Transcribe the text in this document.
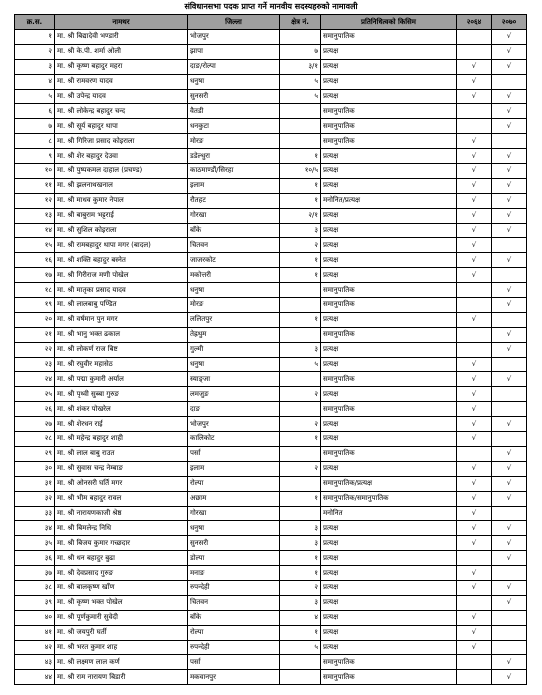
संविधानसभा पदक प्राप्त गर्ने मानवीय सदस्यहरुको नामावली
क्र.स.	नामथर	जिल्ला	क्षेत्र नं.	प्रतिनिधित्वको किसिम	२०६४	२०७०
१	मा. श्री बिद्यादेवी भण्डारी	भोजपुर		समानुपातिक		√
२	मा. श्री के.पी. शर्मा ओली	झापा	७	प्रत्यक्ष		√
३	मा. श्री कृष्ण बहादुर महरा	दाङ/रोल्पा	३/१	प्रत्यक्ष	√	√
४	मा. श्री रामवरण यादव	धनुषा	५	प्रत्यक्ष	√	
५	मा. श्री उपेन्द्र यादव	सुनसरी	५	प्रत्यक्ष	√	√
६	मा. श्री लोकेन्द्र बहादुर चन्द	वैतडी		समानुपातिक		√
७	मा. श्री सूर्य बहादुर थापा	धनकुटा		समानुपातिक		√
८	मा. श्री गिरिजा प्रसाद कोइराला	मोरङ		समानुपातिक	√	
९	मा. श्री शेर बहादुर देउवा	डडेल्धुरा	१	प्रत्यक्ष	√	√
१०	मा. श्री पुष्पकमल दाहाल (प्रचण्ड)	काठमाण्डौं/सिरहा	१०/५	प्रत्यक्ष	√	√
११	मा. श्री झलनाथखनाल	इलाम	१	प्रत्यक्ष	√	√
१२	मा. श्री माधव कुमार नेपाल	रौतहट	१	मनोनित/प्रत्यक्ष	√	√
१३	मा. श्री बाबुराम भट्टराई	गोरखा	२/१	प्रत्यक्ष	√	√
१४	मा. श्री सुशिल कोइराला	बाँके	३	प्रत्यक्ष	√	√
१५	मा. श्री रामबहादुर थापा मगर (बादल)	चितवन	२	प्रत्यक्ष	√	
१६	मा. श्री शक्ति बहादुर बस्नेत	जाजरकोट	१	प्रत्यक्ष	√	√
१७	मा. श्री गिरीराज मणी पोखेल	मकोत्तरी	१	प्रत्यक्ष	√	
१८	मा. श्री मातृका प्रसाद यादव	धनुषा		समानुपातिक		√
१९	मा. श्री लालबाबु पण्डित	मोरङ		समानुपातिक		√
२०	मा. श्री वर्षमान पुन मगर	ललितपुर	१	प्रत्यक्ष	√	
२१	मा. श्री भानु भक्त ढकाल	तेह्रथुम		समानुपातिक		√
२२	मा. श्री लोकर्ण राज बिष्ट	गुल्मी	३	प्रत्यक्ष		√
२३	मा. श्री रघुवीर महासेठ	धनुषा	५	प्रत्यक्ष	√	
२४	मा. श्री पद्मा कुमारी अर्याल	स्याङ्जा		समानुपातिक	√	√
२५	मा. श्री पृथ्वी सुब्बा गुरुङ	लमजुङ	२	प्रत्यक्ष	√	
२६	मा. श्री शंकर पोखरेल	दाङ		समानुपातिक	√	
२७	मा. श्री शेरधन राई	भोजपुर	२	प्रत्यक्ष	√	√
२८	मा. श्री महेन्द्र बहादुर शाही	कालिकोट	१	प्रत्यक्ष	√	
२९	मा. श्री लाल बाबु राउत	पर्सा		समानुपातिक		√
३०	मा. श्री सुवास चन्द्र नेम्बाङ	इलाम	२	प्रत्यक्ष	√	√
३१	मा. श्री ओनसरी घर्ति मगर	रोल्पा		समानुपातिक/प्रत्यक्ष	√	√
३२	मा. श्री भीम बहादुर रावल	अछाम	१	समानुपातिक/समानुपातिक	√	√
३३	मा. श्री नारायणकाजी श्रेष्ठ	गोरखा		मनोनित	√	
३४	मा. श्री बिमलेन्द्र निधि	धनुषा	३	प्रत्यक्ष	√	√
३५	मा. श्री बिजय कुमार गच्छदार	सुनसरी	३	प्रत्यक्ष	√	√
३६	मा. श्री धन बहादुर बुढा	डोल्पा	१	प्रत्यक्ष		√
३७	मा. श्री देवप्रसाद गुरुङ	मनाङ	१	प्रत्यक्ष	√	
३८	मा. श्री बालकृष्ण खाँण	रुपन्देही	२	प्रत्यक्ष	√	√
३९	मा. श्री कृष्ण भक्त पोखेल	चितवन	३	प्रत्यक्ष		√
४०	मा. श्री पूर्णकुमारी सुवेदी	बाँके	४	प्रत्यक्ष	√	
४१	मा. श्री जयपुरी घर्ती	रोल्पा	१	प्रत्यक्ष	√	
४२	मा. श्री भरत कुमार शाह	रुपन्देही	५	प्रत्यक्ष	√	
४३	मा. श्री लक्ष्मण लाल कर्ण	पर्सा		समानुपातिक		√
४४	मा. श्री राम नारायण बिडारी	मकवानपुर		समानुपातिक		√
